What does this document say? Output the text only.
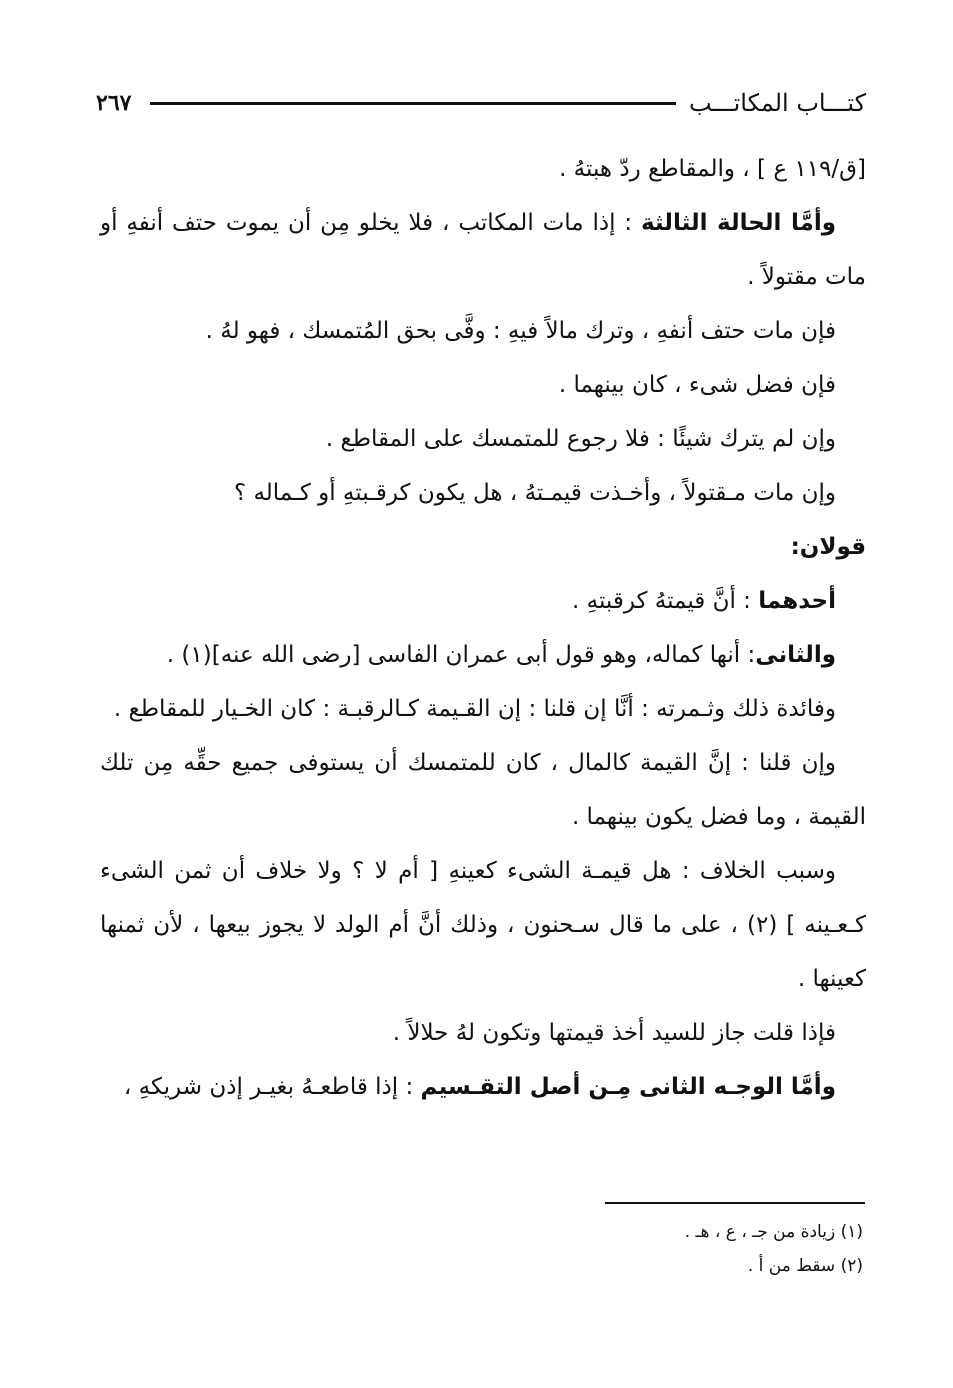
كتـــاب المكاتـــب
٢٦٧

[ق/١١٩ ع ] ، والمقاطع ردّ هبتهُ .

وأمَّا الحالة الثالثة : إذا مات المكاتب ، فلا يخلو مِن أن يموت حتف أنفهِ أو مات مقتولاً .

فإن مات حتف أنفهِ ، وترك مالاً فيهِ : وفَّى بحق المُتمسك ، فهو لهُ .

فإن فضل شىء ، كان بينهما .

وإن لم يترك شيئًا : فلا رجوع للمتمسك على المقاطع .

وإن مات مـقتولاً ، وأخـذت قيمـتهُ ، هل يكون كرقـبتهِ أو كـماله ؟

قولان:

أحدهما : أنَّ قيمتهُ كرقبتهِ .

والثانى: أنها كماله، وهو قول أبى عمران الفاسى [رضى الله عنه](١) .

وفائدة ذلك وثـمرته : أنَّا إن قلنا : إن القـيمة كـالرقبـة : كان الخـيار للمقاطع .

وإن قلنا : إنَّ القيمة كالمال ، كان للمتمسك أن يستوفى جميع حقِّه مِن تلك القيمة ، وما فضل يكون بينهما .

وسبب الخلاف : هل قيمـة الشىء كعينهِ [ أم لا ؟ ولا خلاف أن ثمن الشىء كـعـينه ] (٢) ، على ما قال سـحنون ، وذلك أنَّ أم الولد لا يجوز بيعها ، لأن ثمنها كعينها .

فإذا قلت جاز للسيد أخذ قيمتها وتكون لهُ حلالاً .

وأمَّا الوجـه الثانى مِـن أصل التقـسيم : إذا قاطعـهُ بغيـر إذن شريكهِ ،

(١) زيادة من جـ ، ع ، هـ .
(٢) سقط من أ .
